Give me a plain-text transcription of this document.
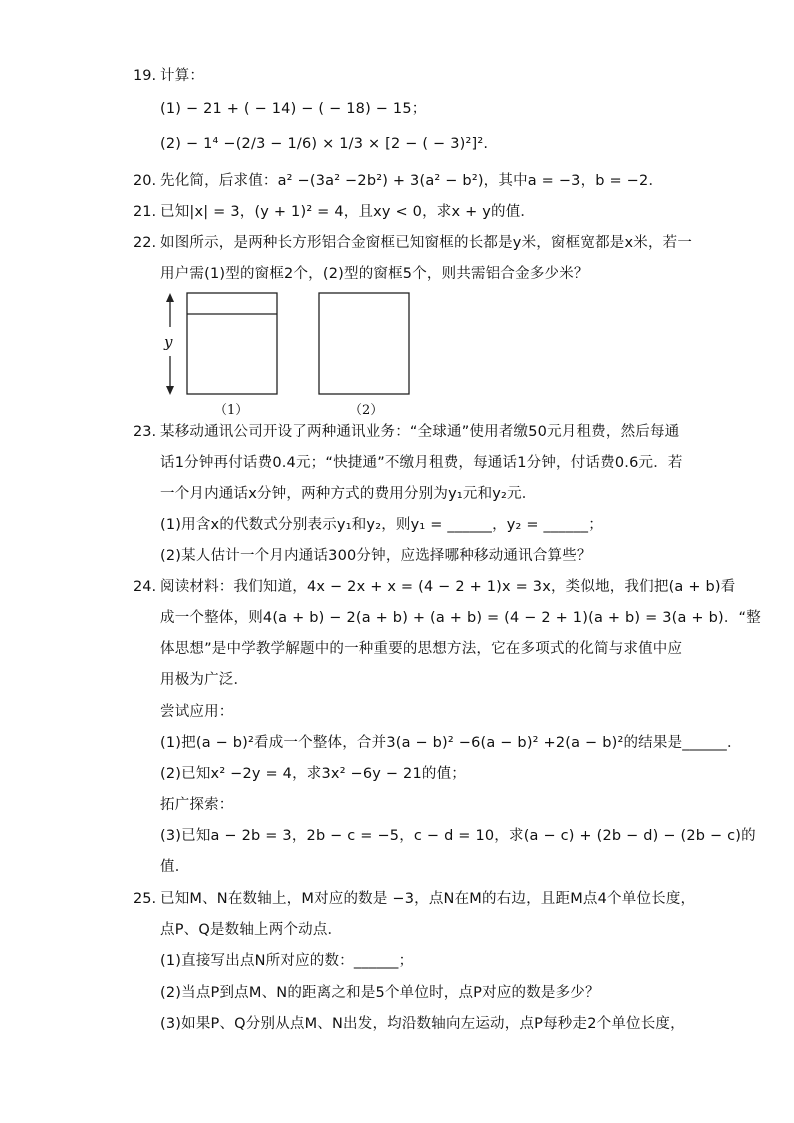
19. 计算：
(1) − 21 + ( − 14) − ( − 18) − 15；
(2) − 1⁴ −(2/3 − 1/6) × 1/3 × [2 − ( − 3)²]².
20. 先化简，后求值：a² −(3a² −2b²) + 3(a² − b²)，其中a = −3，b = −2．
21. 已知|x| = 3，(y + 1)² = 4，且xy < 0，求x + y的值．
22. 如图所示，是两种长方形铝合金窗框已知窗框的长都是y米，窗框宽都是x米，若一
用户需(1)型的窗框2个，(2)型的窗框5个，则共需铝合金多少米？
y
（1）	（2）
23. 某移动通讯公司开设了两种通讯业务：“全球通”使用者缴50元月租费，然后每通
话1分钟再付话费0.4元；“快捷通”不缴月租费，每通话1分钟，付话费0.6元．若
一个月内通话x分钟，两种方式的费用分别为y₁元和y₂元．
(1)用含x的代数式分别表示y₁和y₂，则y₁ = ______，y₂ = ______；
(2)某人估计一个月内通话300分钟，应选择哪种移动通讯合算些？
24. 阅读材料：我们知道，4x − 2x + x = (4 − 2 + 1)x = 3x，类似地，我们把(a + b)看
成一个整体，则4(a + b) − 2(a + b) + (a + b) = (4 − 2 + 1)(a + b) = 3(a + b)．“整
体思想”是中学教学解题中的一种重要的思想方法，它在多项式的化简与求值中应
用极为广泛．
尝试应用：
(1)把(a − b)²看成一个整体，合并3(a − b)² −6(a − b)² +2(a − b)²的结果是______．
(2)已知x² −2y = 4，求3x² −6y − 21的值；
拓广探索：
(3)已知a − 2b = 3，2b − c = −5，c − d = 10，求(a − c) + (2b − d) − (2b − c)的
值．
25. 已知M、N在数轴上，M对应的数是 −3，点N在M的右边，且距M点4个单位长度，
点P、Q是数轴上两个动点．
(1)直接写出点N所对应的数：______；
(2)当点P到点M、N的距离之和是5个单位时，点P对应的数是多少？
(3)如果P、Q分别从点M、N出发，均沿数轴向左运动，点P每秒走2个单位长度，
